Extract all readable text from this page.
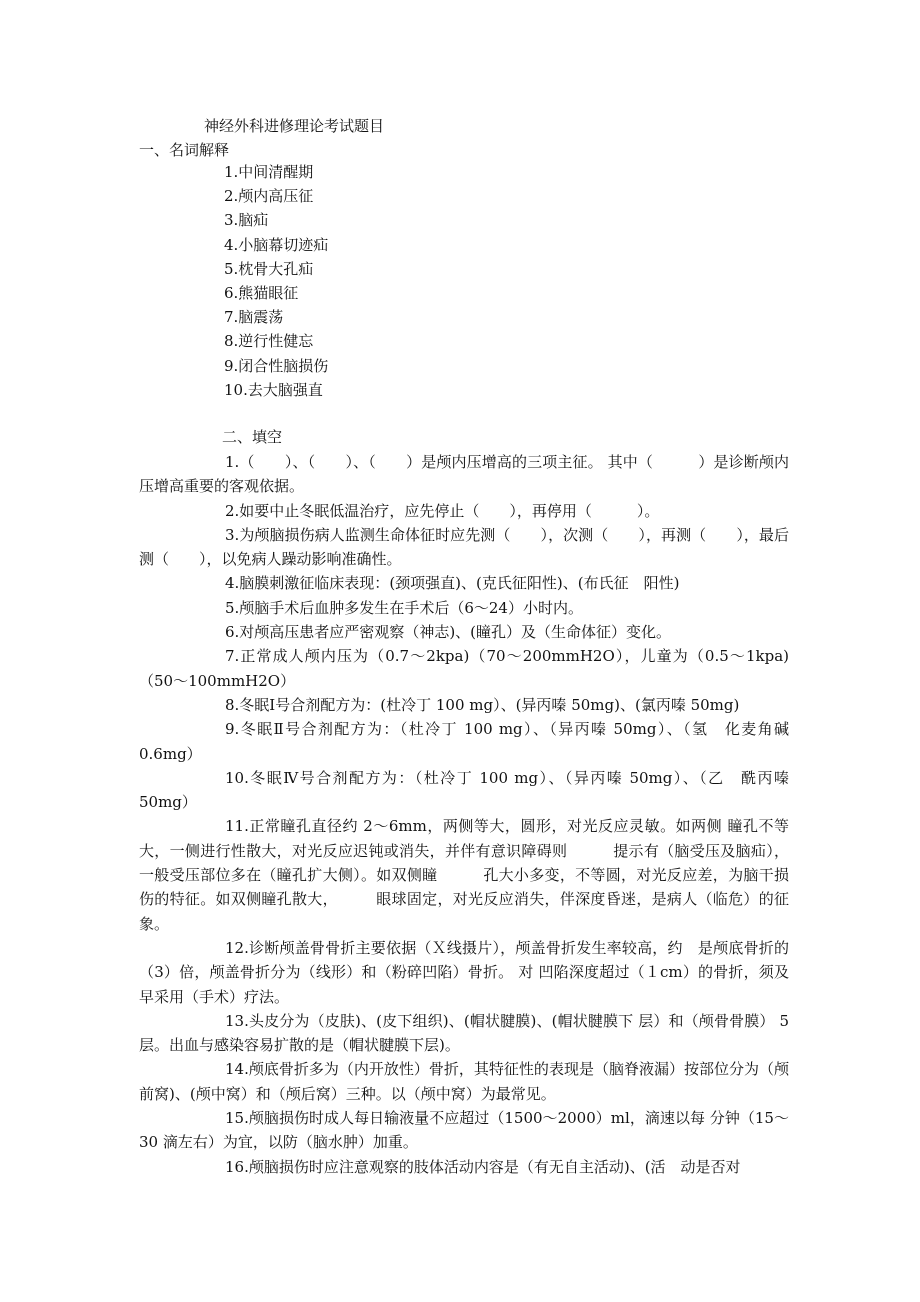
神经外科进修理论考试题目
一、名词解释
1.中间清醒期
2.颅内高压征
3.脑疝
4.小脑幕切迹疝
5.枕骨大孔疝
6.熊猫眼征
7.脑震荡
8.逆行性健忘
9.闭合性脑损伤
10.去大脑强直
二、填空

1.（　　）、（　　）、（　　）是颅内压增高的三项主征。 其中（　　　）是诊断颅内压增高重要的客观依据。

2.如要中止冬眠低温治疗，应先停止（　　），再停用（　　　）。

3.为颅脑损伤病人监测生命体征时应先测（　　），次测（　　），再测（　　），最后测（　　），以免病人躁动影响准确性。

4.脑膜刺激征临床表现：(颈项强直)、(克氏征阳性)、(布氏征　阳性)

5.颅脑手术后血肿多发生在手术后（6～24）小时内。

6.对颅高压患者应严密观察（神志)、(瞳孔）及（生命体征）变化。

7.正常成人颅内压为（0.7～2kpa)（70～200mmH2O），儿童为（0.5～1kpa)（50～100mmH2O）

8.冬眠Ⅰ号合剂配方为：(杜冷丁 100 mg）、(异丙嗪 50mg)、(氯丙嗪 50mg)

9.冬眠Ⅱ号合剂配方为：（杜冷丁 100 mg）、（异丙嗪 50mg）、（氢　化麦角碱 0.6mg）

10.冬眠Ⅳ号合剂配方为：（杜冷丁 100 mg）、（异丙嗪 50mg）、（乙　酰丙嗪 50mg）

11.正常瞳孔直径约 2～6mm，两侧等大，圆形，对光反应灵敏。如两侧 瞳孔不等大，一侧进行性散大，对光反应迟钝或消失，并伴有意识障碍则　　　提示有（脑受压及脑疝），一般受压部位多在（瞳孔扩大侧）。如双侧瞳　　　孔大小多变，不等圆，对光反应差，为脑干损伤的特征。如双侧瞳孔散大，　　　眼球固定，对光反应消失，伴深度昏迷，是病人（临危）的征象。

12.诊断颅盖骨骨折主要依据（Ｘ线摄片），颅盖骨折发生率较高，约　是颅底骨折的（3）倍，颅盖骨折分为（线形）和（粉碎凹陷）骨折。 对 凹陷深度超过（１cm）的骨折，须及早采用（手术）疗法。

13.头皮分为（皮肤)、(皮下组织)、(帽状腱膜)、(帽状腱膜下 层）和（颅骨骨膜） 5 层。出血与感染容易扩散的是（帽状腱膜下层)。

14.颅底骨折多为（内开放性）骨折，其特征性的表现是（脑脊液漏）按部位分为（颅前窝)、(颅中窝）和（颅后窝）三种。以（颅中窝）为最常见。

15.颅脑损伤时成人每日输液量不应超过（1500～2000）ml，滴速以每 分钟（15～30 滴左右）为宜，以防（脑水肿）加重。

16.颅脑损伤时应注意观察的肢体活动内容是（有无自主活动)、(活　动是否对
